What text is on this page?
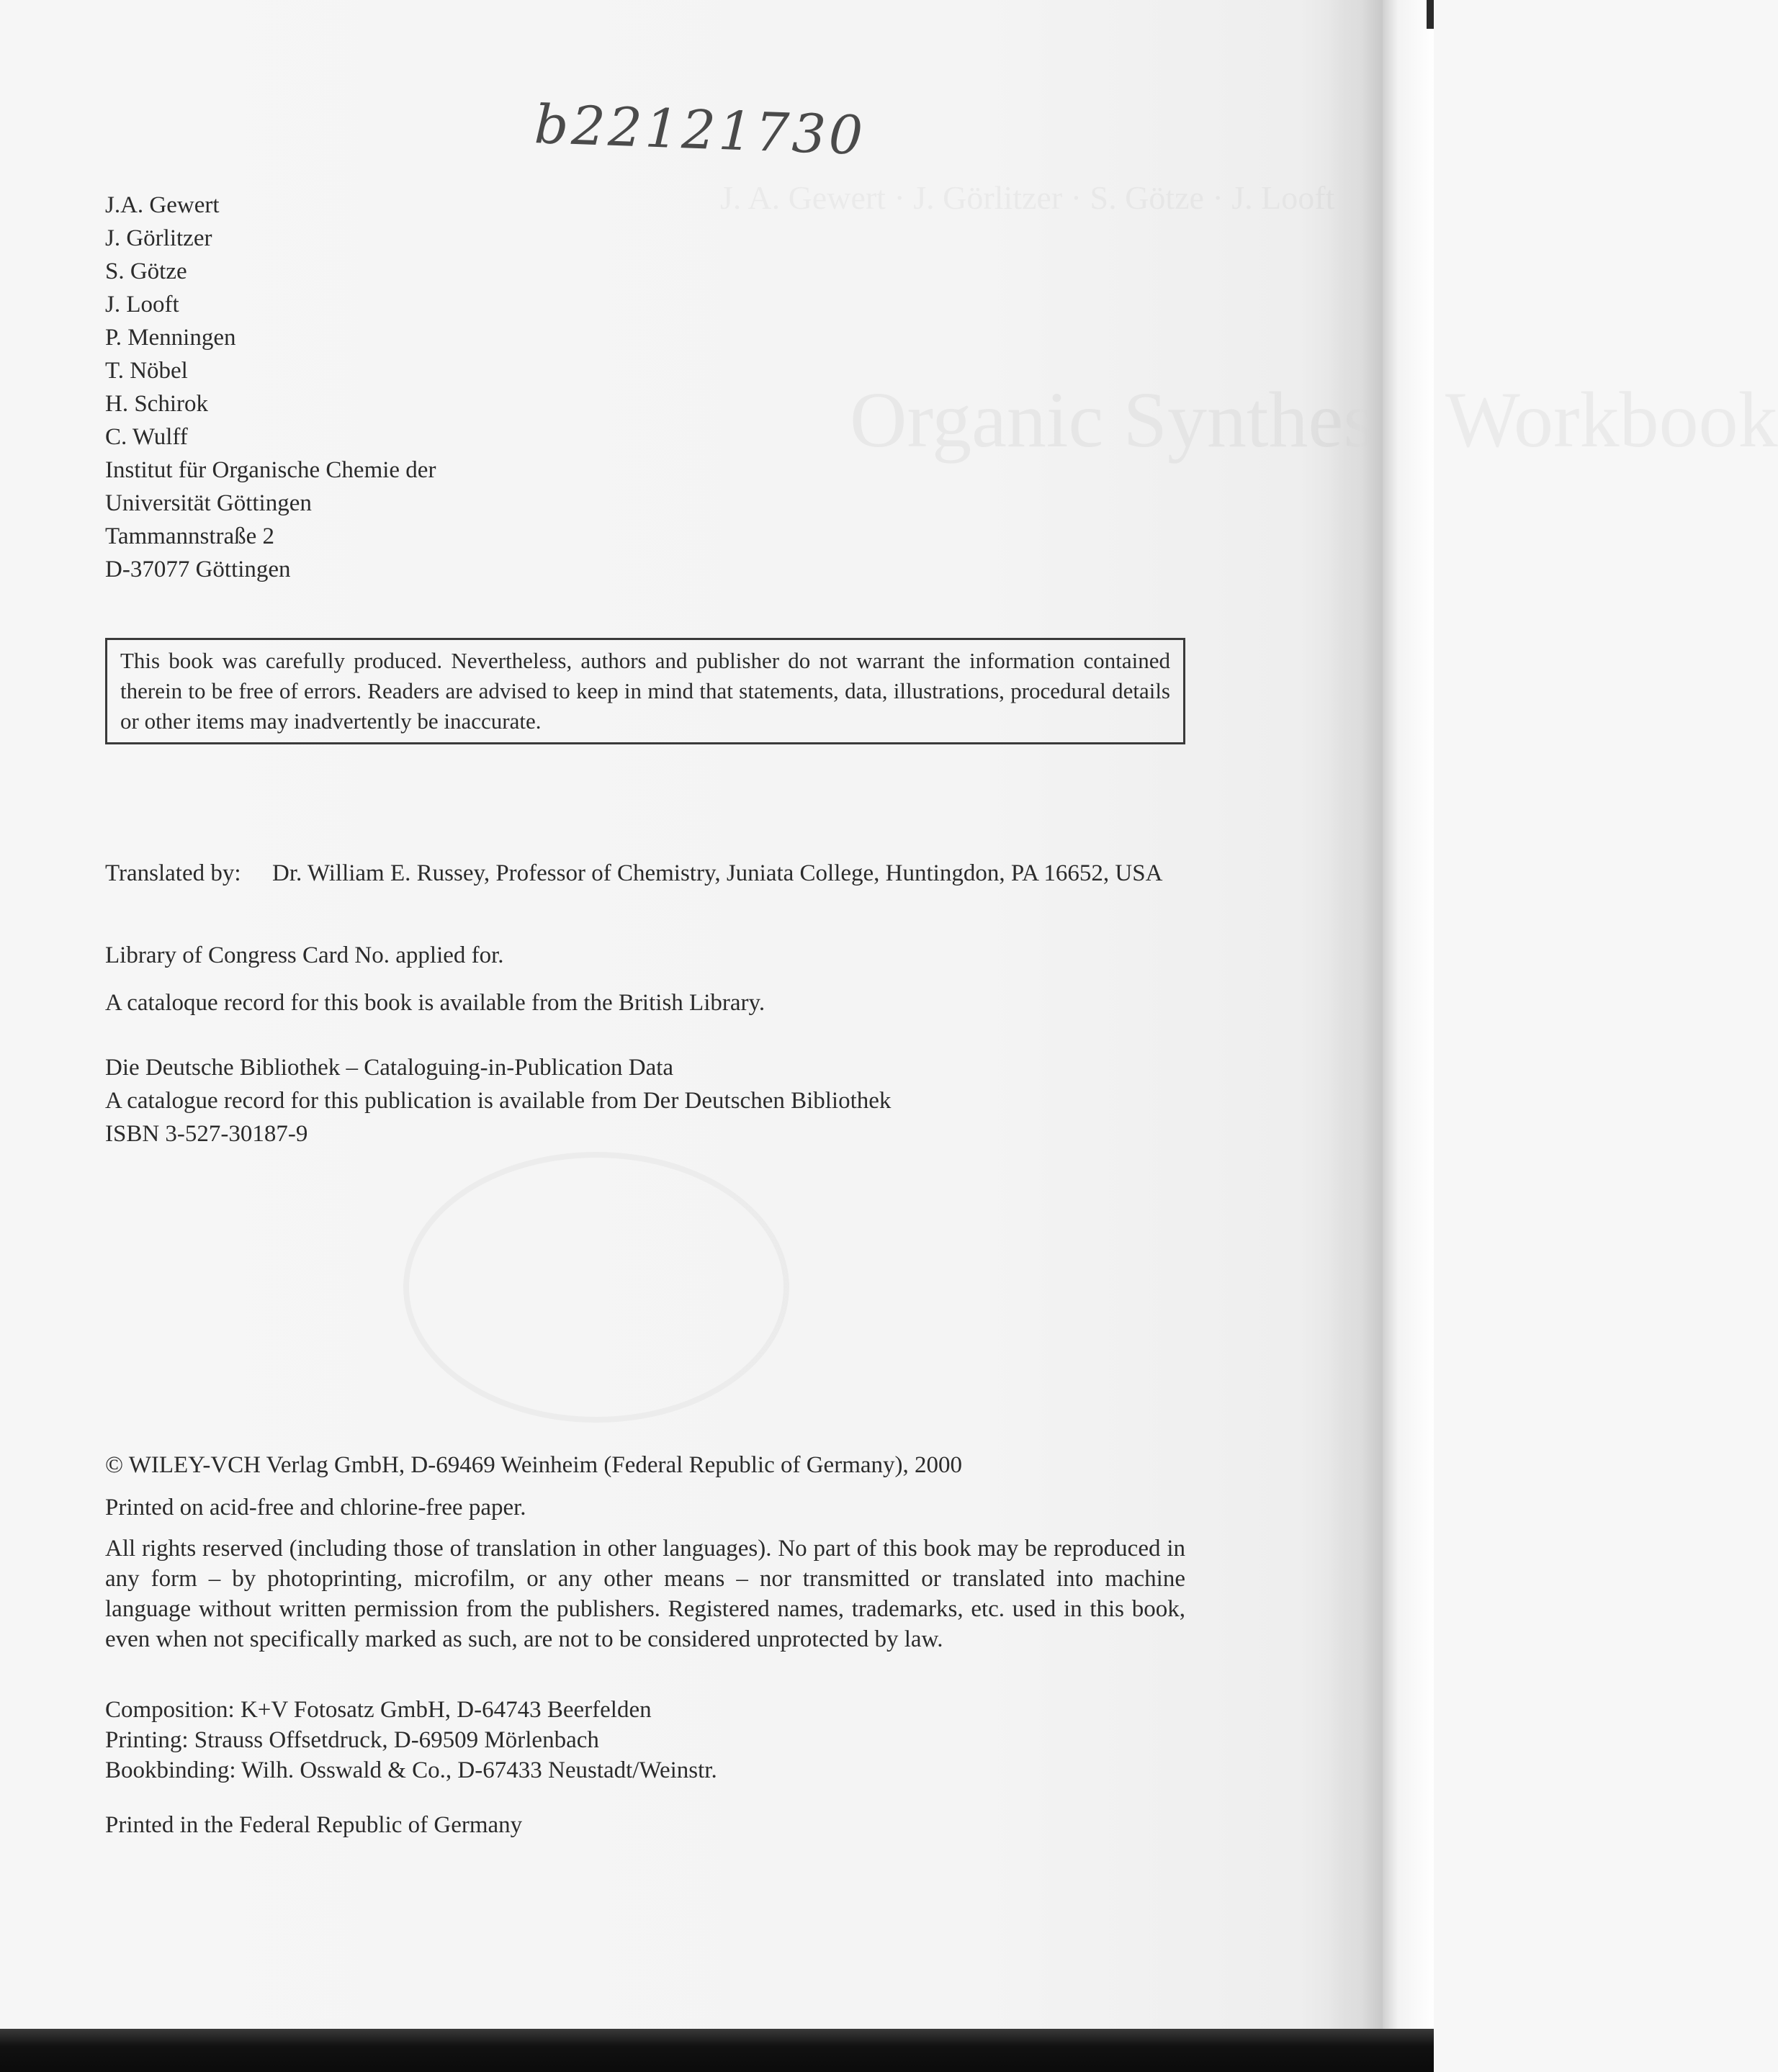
J. A. Gewert · J. Görlitzer · S. Götze · J. Looft
Organic Synthesis Workbook
b22121730
J.A. Gewert
J. Görlitzer
S. Götze
J. Looft
P. Menningen
T. Nöbel
H. Schirok
C. Wulff
Institut für Organische Chemie der
Universität Göttingen
Tammannstraße 2
D-37077 Göttingen
This book was carefully produced. Nevertheless, authors and publisher do not warrant the information contained therein to be free of errors. Readers are advised to keep in mind that statements, data, illustrations, procedural details or other items may inadvertently be inaccurate.
Translated by: Dr. William E. Russey, Professor of Chemistry, Juniata College, Huntingdon, PA 16652, USA
Library of Congress Card No. applied for.
A cataloque record for this book is available from the British Library.
Die Deutsche Bibliothek – Cataloguing-in-Publication Data
A catalogue record for this publication is available from Der Deutschen Bibliothek
ISBN 3-527-30187-9
© WILEY-VCH Verlag GmbH, D-69469 Weinheim (Federal Republic of Germany), 2000
Printed on acid-free and chlorine-free paper.
All rights reserved (including those of translation in other languages). No part of this book may be reproduced in any form – by photoprinting, microfilm, or any other means – nor transmitted or translated into machine language without written permission from the publishers. Registered names, trademarks, etc. used in this book, even when not specifically marked as such, are not to be considered unprotected by law.
Composition: K+V Fotosatz GmbH, D-64743 Beerfelden
Printing: Strauss Offsetdruck, D-69509 Mörlenbach
Bookbinding: Wilh. Osswald & Co., D-67433 Neustadt/Weinstr.
Printed in the Federal Republic of Germany
